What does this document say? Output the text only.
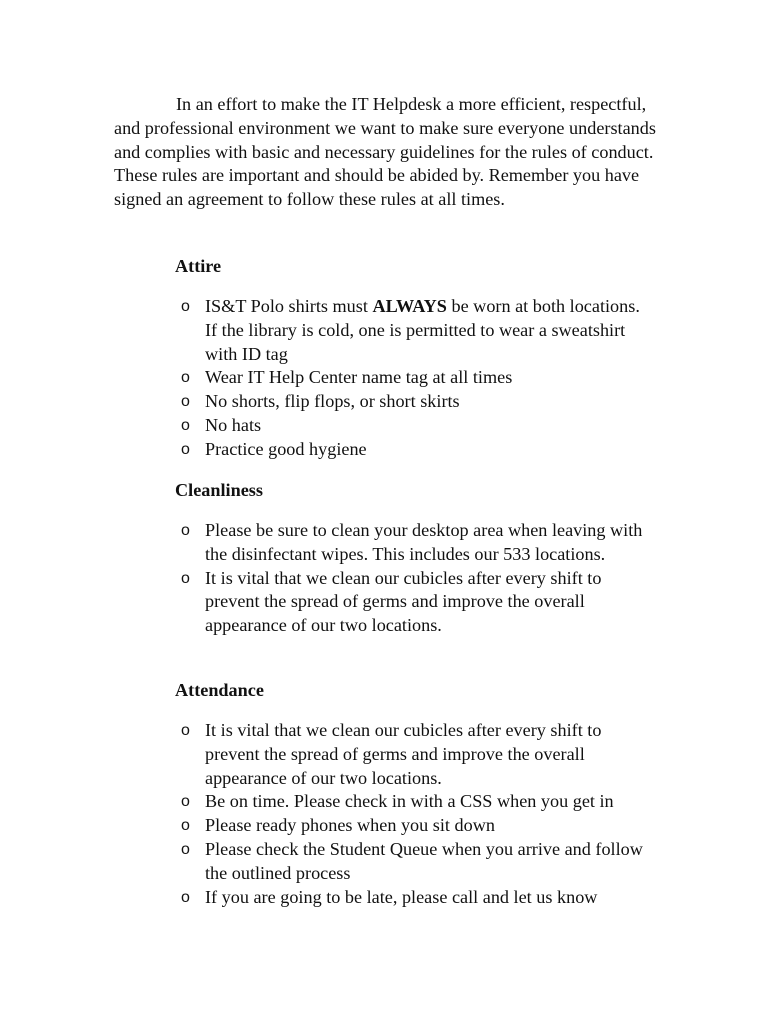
In an effort to make the IT Helpdesk a more efficient, respectful, and professional environment we want to make sure everyone understands and complies with basic and necessary guidelines for the rules of conduct. These rules are important and should be abided by. Remember you have signed an agreement to follow these rules at all times.

Attire

o IS&T Polo shirts must ALWAYS be worn at both locations. If the library is cold, one is permitted to wear a sweatshirt with ID tag
o Wear IT Help Center name tag at all times
o No shorts, flip flops, or short skirts
o No hats
o Practice good hygiene

Cleanliness

o Please be sure to clean your desktop area when leaving with the disinfectant wipes. This includes our 533 locations.
o It is vital that we clean our cubicles after every shift to prevent the spread of germs and improve the overall appearance of our two locations.

Attendance

o It is vital that we clean our cubicles after every shift to prevent the spread of germs and improve the overall appearance of our two locations.
o Be on time. Please check in with a CSS when you get in
o Please ready phones when you sit down
o Please check the Student Queue when you arrive and follow the outlined process
o If you are going to be late, please call and let us know
